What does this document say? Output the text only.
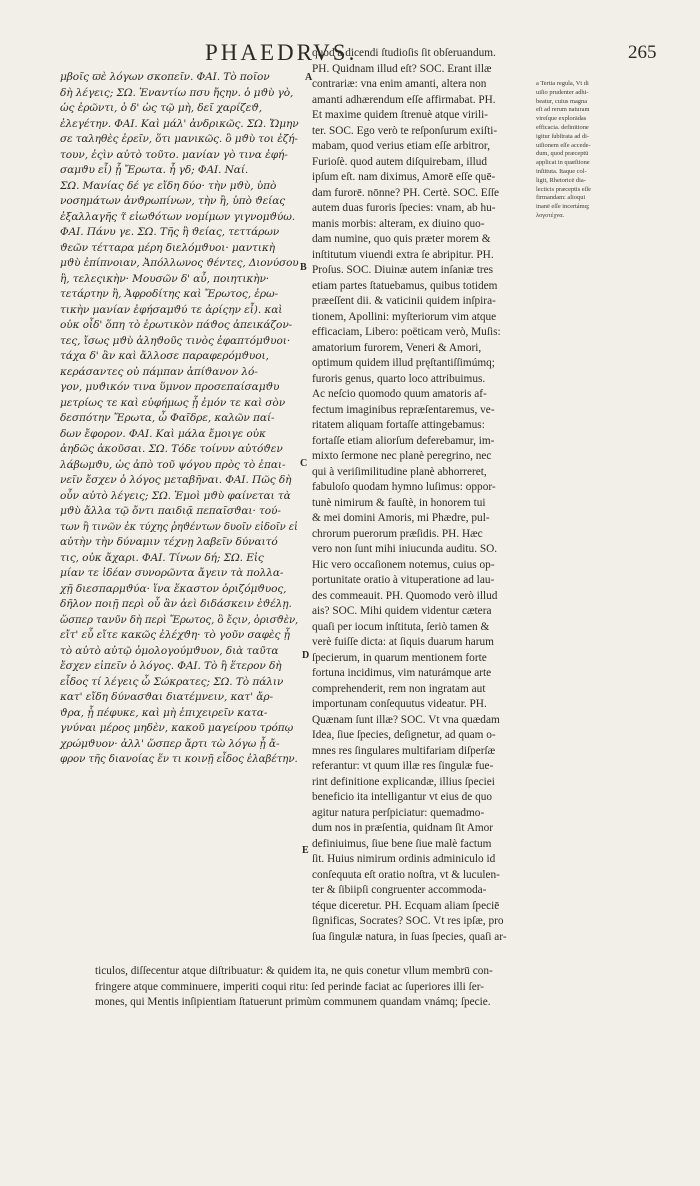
PHAEDRVS.	265
μβοῖς ϖὲ λόγων σκοπεῖν. ΦΑΙ. Τὸ ποῖον
δὴ λέγεις; ΣΩ. Ἐναντίω πσυ ἤςην. ὁ μϑὺ γὸ,
ὡς ἐρῶντι, ὁ δ' ὡς τῷ μὴ, δεῖ χαρίζεϑ,
ἐλεγέτην. ΦΑΙ. Καὶ μάλ' ἀνδρικῶς. ΣΩ. Ὤμην
σε ταληθὲς ἐρεῖν, ὅτι μανικῶς. ὃ μϑὺ τοι ἐζή-
τουν, ἐςὶν αὐτὸ τοῦτο. μανίαν γὸ τινα ἐφή-
σαμϑυ εἶ) ᾖ Ἔρωτα. ἦ γδ; ΦΑΙ. Ναί.
ΣΩ. Μανίας δέ γε εἴδη δύο· τὴν μϑὺ, ὑπὸ
νοσημάτων ἀνϑρωπίνων, τὴν ἢ, ὑπὸ ϑείας
ἐξαλλαγῆς τ̃ εἰωϑότων νομίμων γιγνομϑύω.
ΦΑΙ. Πάνυ γε. ΣΩ. Τῆς ἢ ϑείας, τεττάρων
ϑεῶν τέτταρα μέρη διελόμϑυοι· μαντικὴ
μϑὺ ἐπίπνοιαν, Ἀπόλλωνος ϑέντες, Διονύσου
ἢ, τελεςικὴν· Μουσῶν δ' αὖ, ποιητικὴν·
τετάρτην ἢ, Ἀφροδίτης καὶ Ἔρωτος, ἐρω-
τικὴν μανίαν ἐφήσαμϑύ τε ἀρίςην εἶ). καὶ
οὐκ οἶδ' ὅπη τὸ ἐρωτικὸν πάϑος ἀπεικάζον-
τες, ἴσως μϑὺ ἀληϑοῦς τινὸς ἐφαπτόμϑυοι·
τάχα δ' ἂν καὶ ἄλλοσε παραφερόμϑυοι,
κεράσαντες οὐ πάμπαν ἀπίϑανον λό-
γον, μυϑικόν τινα ὕμνον προσεπαίσαμϑυ
μετρίως τε καὶ εὐφήμως ᾖ ἐμόν τε καὶ σὸν
δεσπότην Ἔρωτα, ὦ Φαῖδρε, καλῶν παί-
δων ἔφορον. ΦΑΙ. Καὶ μάλα ἔμοιγε οὐκ
ἀηδῶς ἀκοῦσαι. ΣΩ. Τόδε τοίνυν αὐτόϑεν
λάβωμϑυ, ὡς ἀπὸ τοῦ ψόγου πρὸς τὸ ἐπαι-
νεῖν ἔσχεν ὁ λόγος μεταβῆναι. ΦΑΙ. Πῶς δὴ
οὖν αὐτὸ λέγεις; ΣΩ. Ἐμοὶ μϑὺ φαίνεται τὰ
μϑὺ ἄλλα τῷ ὄντι παιδιᾷ πεπαῖσϑαι· τού-
των ἢ τινῶν ἐκ τύχης ῥηϑέντων δυοῖν εἰδοῖν εἰ
αὐτὴν τὴν δύναμιν τέχνῃ λαβεῖν δύναιτό
τις, οὐκ ἄχαρι. ΦΑΙ. Τίνων δή; ΣΩ. Εἰς
μίαν τε ἰδέαν συνορῶντα ἄγειν τὰ πολλα-
χῇ διεσπαρμϑύα· ἵνα ἕκαστον ὁριζόμϑυος,
δῆλον ποιῇ περὶ οὗ ἂν ἀεὶ διδάσκειν ἐϑέλῃ.
ὥσπερ τανῦν δὴ περὶ Ἔρωτος, ὃ ἔςιν, ὁρισϑὲν,
εἴτ' εὖ εἴτε κακῶς ἐλέχϑη· τὸ γοῦν σαφὲς ᾖ
τὸ αὐτὸ αὐτῷ ὁμολογούμϑυον, διὰ ταῦτα
ἔσχεν εἰπεῖν ὁ λόγος. ΦΑΙ. Τὸ ἢ ἕτερον δὴ
εἶδος τί λέγεις ὦ Σώκρατες; ΣΩ. Τὸ πάλιν
κατ' εἴδη δύνασϑαι διατέμνειν, κατ' ἄρ-
ϑρα, ᾗ πέφυκε, καὶ μὴ ἐπιχειρεῖν κατα-
γνύναι μέρος μηδὲν, κακοῦ μαγείρου τρόπῳ
χρώμϑυον· ἀλλ' ὥσπερ ἄρτι τὼ λόγω ᾖ ἄ-
φρον τῆς διανοίας ἕν τι κοινῇ εἶδος ἐλαβέτην.
A
B
C
D
E
quod a dicendi ſtudioſis ſit obſeruandum.
PH. Quidnam illud eſt? SOC. Erant illæ
contrariæ: vna enim amanti, altera non
amanti adhærendum eſſe affirmabat. PH.
Et maxime quidem ſtrenuè atque virili-
ter. SOC. Ego verò te reſponſurum exiſti-
mabam, quod verius etiam eſſe arbitror,
Furioſè. quod autem diſquirebam, illud
ipſum eſt. nam diximus, Amorē eſſe quē-
dam furorē. nōnne? PH. Certè. SOC. Eſſe
autem duas furoris ſpecies: vnam, ab hu-
manis morbis: alteram, ex diuino quo-
dam numine, quo quis præter morem &
inſtitutum viuendi extra ſe abripitur. PH.
Proſus. SOC. Diuinæ autem inſaniæ tres
etiam partes ſtatuebamus, quibus totidem
præeſſent dii. & vaticinii quidem inſpira-
tionem, Apollini: myſteriorum vim atque
efficaciam, Libero: poëticam verò, Muſis:
amatorium furorem, Veneri & Amori,
optimum quidem illud pręſtantiſſimúmq;
furoris genus, quarto loco attribuimus.
Ac neſcio quomodo quum amatoris af-
fectum imaginibus repræſentaremus, ve-
ritatem aliquam fortaſſe attingebamus:
fortaſſe etiam aliorſum deferebamur, im-
mixto ſermone nec planè peregrino, nec
qui à veriſimilitudine planè abhorreret,
fabuloſo quodam hymno luſimus: oppor-
tunè nimirum & fauſtè, in honorem tui
& mei domini Amoris, mi Phædre, pul-
chrorum puerorum præſidis. PH. Hæc
vero non ſunt mihi iniucunda auditu. SO.
Hic vero occaſionem notemus, cuius op-
portunitate oratio à vituperatione ad lau-
des commeauit. PH. Quomodo verò illud
ais? SOC. Mihi quidem videntur cætera
quaſi per iocum inſtituta, ſeriò tamen &
verè fuiſſe dicta: at ſiquis duarum harum
ſpecierum, in quarum mentionem forte
fortuna incidimus, vim naturámque arte
comprehenderit, rem non ingratam aut
importunam conſequutus videatur. PH.
Quænam ſunt illæ? SOC. Vt vna quædam
Idea, ſiue ſpecies, deſignetur, ad quam o-
mnes res ſingulares multifariam diſperſæ
referantur: vt quum illæ res ſingulæ fue-
rint definitione explicandæ, illius ſpeciei
beneficio ita intelligantur vt eius de quo
agitur natura perſpiciatur: quemadmo-
dum nos in præſentia, quidnam ſit Amor
definiuimus, ſiue bene ſiue malè factum
ſit. Huius nimirum ordinis adminiculo id
conſequuta eſt oratio noſtra, vt & luculen-
ter & ſibiipſi congruenter accommoda-
téque diceretur. PH. Ecquam aliam ſpeciē
ſignificas, Socrates? SOC. Vt res ipſæ, pro
ſua ſingulæ natura, in ſuas ſpecies, quaſi ar-
a Tertia regula, Vt di
uiſio prudenter adhi-
beatur, cuius magna
eſt ad rerum naturam
vireſque explorādas
efficacia. definitione
igitur ſubſtrata ad di-
uiſionem eſſe accede-
dum, quod præceptū
applicat in quæſtione
inſtituta. Itaque col-
ligit, Rhetoricē dia-
lecticis præceptis eſſe
firmandam: alioqui
inanē eſſe incertámq;
λογοτέχνα.
ticulos, diſſecentur atque diſtribuatur: & quidem ita, ne quis conetur vllum membrū con-
fringere atque comminuere, imperiti coqui ritu: ſed perinde faciat ac ſuperiores illi ſer-
mones, qui Mentis inſipientiam ſtatuerunt primùm communem quandam vnámq; ſpecie.
